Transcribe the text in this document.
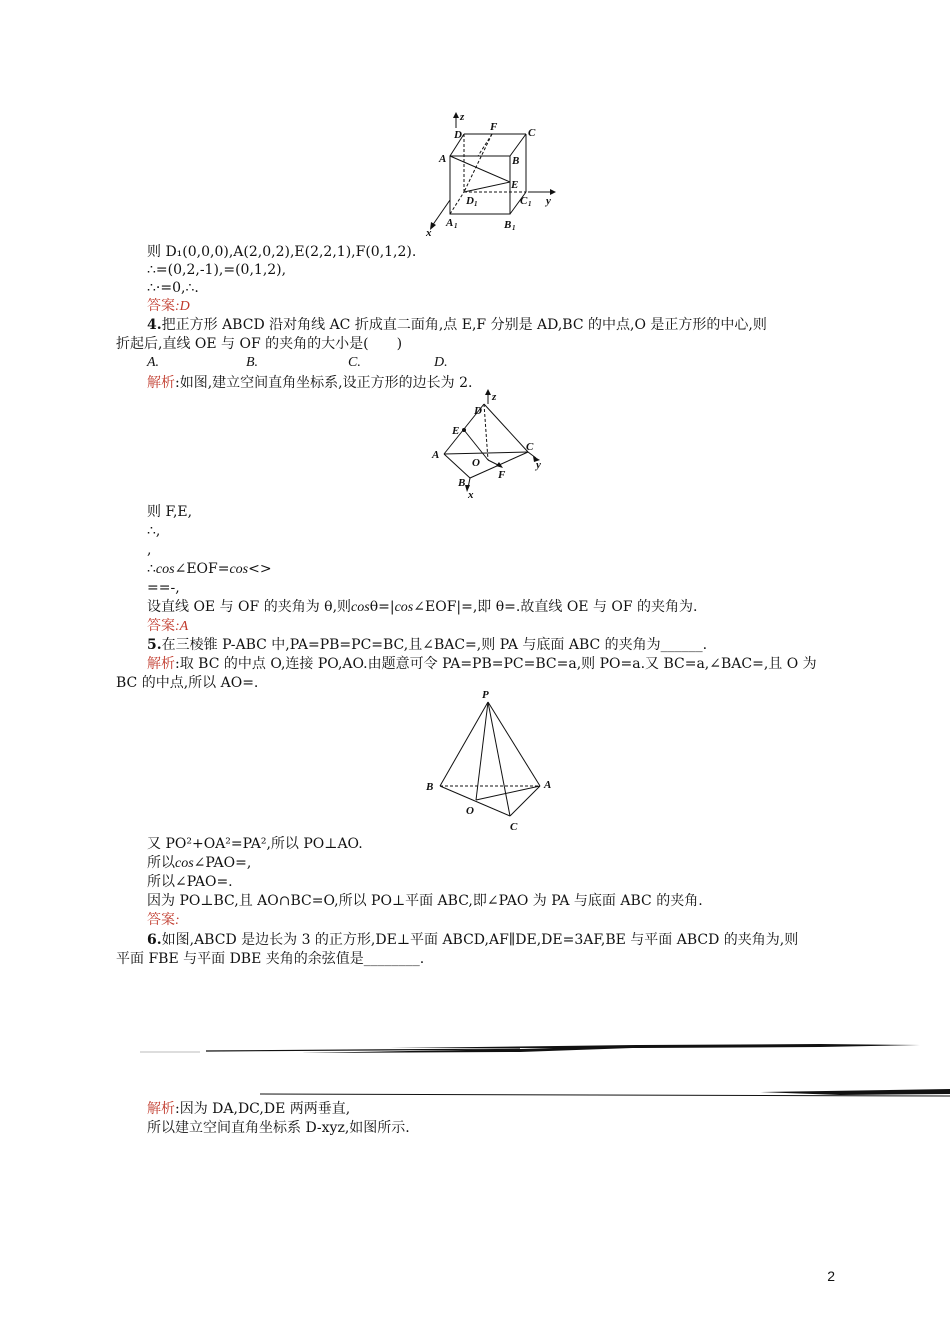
z
D
F	C
A	B
E
D 1	C 1 y
x
A 1	B 1
则 D₁(0,0,0),A(2,0,2),E(2,2,1),F(0,1,2).
∴=(0,2,-1),=(0,1,2),
∴·=0,∴.
答案:D
4.把正方形 ABCD 沿对角线 AC 折成直二面角,点 E,F 分别是 AD,BC 的中点,O 是正方形的中心,则
折起后,直线 OE 与 OF 的夹角的大小是(　　)
A.	B.	C.	D.
解析:如图,建立空间直角坐标系,设正方形的边长为 2.
D
z
E
A
O
C
y
F
B
x
则 F,E,
∴,
,
∴cos∠EOF=cos<>
==-,
设直线 OE 与 OF 的夹角为 θ,则cosθ=|cos∠EOF|=,即 θ=.故直线 OE 与 OF 的夹角为.
答案:A
5.在三棱锥 P-ABC 中,PA=PB=PC=BC,且∠BAC=,则 PA 与底面 ABC 的夹角为______.
解析:取 BC 的中点 O,连接 PO,AO.由题意可令 PA=PB=PC=BC=a,则 PO=a.又 BC=a,∠BAC=,且 O 为
BC 的中点,所以 AO=.
P
B	A
O
C
又 PO²+OA²=PA²,所以 PO⊥AO.
所以cos∠PAO=,
所以∠PAO=.
因为 PO⊥BC,且 AO∩BC=O,所以 PO⊥平面 ABC,即∠PAO 为 PA 与底面 ABC 的夹角.
答案:
6.如图,ABCD 是边长为 3 的正方形,DE⊥平面 ABCD,AF∥DE,DE=3AF,BE 与平面 ABCD 的夹角为,则
平面 FBE 与平面 DBE 夹角的余弦值是________.
解析:因为 DA,DC,DE 两两垂直,
所以建立空间直角坐标系 D-xyz,如图所示.
2
